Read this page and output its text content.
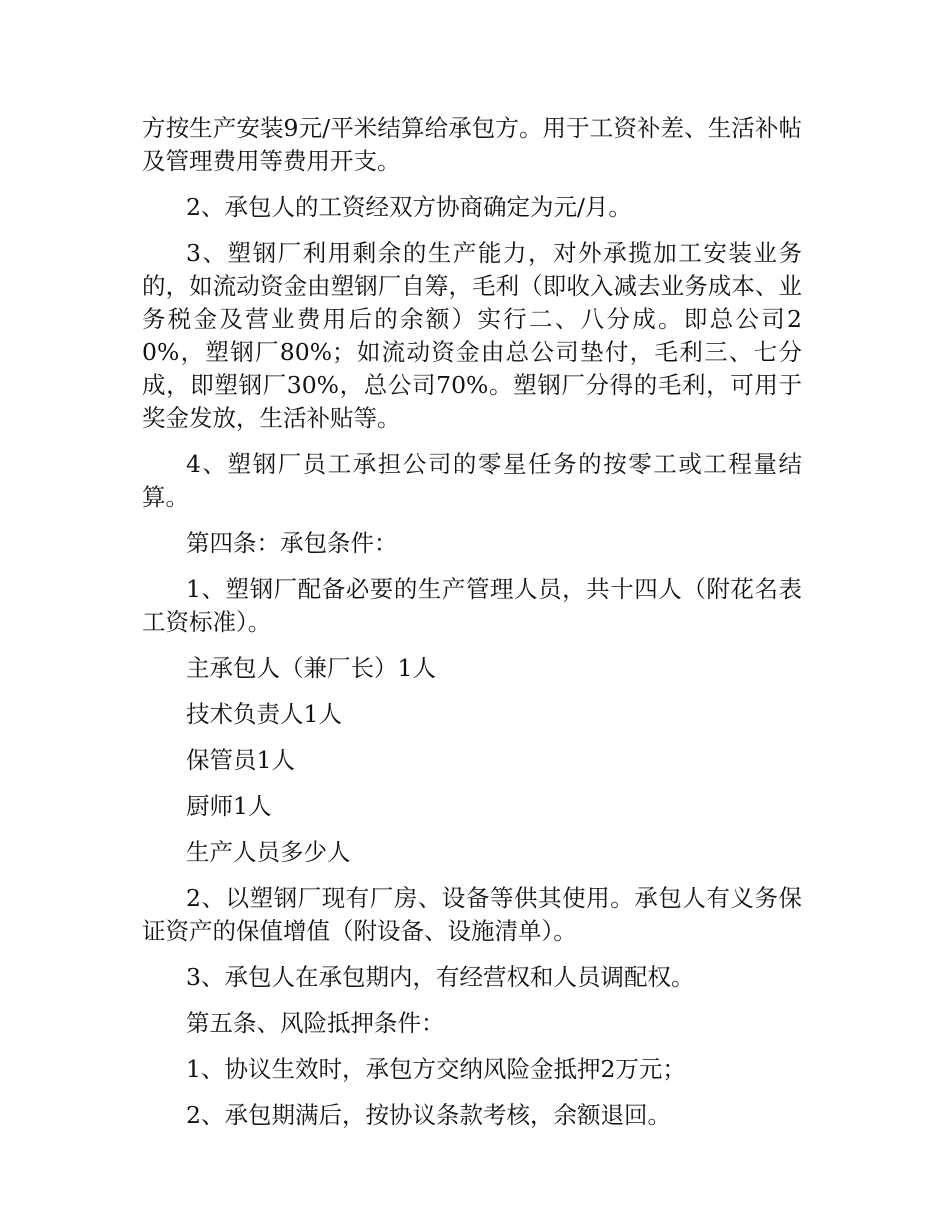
方按生产安装9元/平米结算给承包方。用于工资补差、生活补帖及管理费用等费用开支。

2、承包人的工资经双方协商确定为元/月。

3、塑钢厂利用剩余的生产能力，对外承揽加工安装业务的，如流动资金由塑钢厂自筹，毛利（即收入减去业务成本、业务税金及营业费用后的余额）实行二、八分成。即总公司20%，塑钢厂80%；如流动资金由总公司垫付，毛利三、七分成，即塑钢厂30%，总公司70%。塑钢厂分得的毛利，可用于奖金发放，生活补贴等。

4、塑钢厂员工承担公司的零星任务的按零工或工程量结算。

第四条：承包条件：

1、塑钢厂配备必要的生产管理人员，共十四人（附花名表工资标准）。

主承包人（兼厂长）1人

技术负责人1人

保管员1人

厨师1人

生产人员多少人

2、以塑钢厂现有厂房、设备等供其使用。承包人有义务保证资产的保值增值（附设备、设施清单）。

3、承包人在承包期内，有经营权和人员调配权。

第五条、风险抵押条件：

1、协议生效时，承包方交纳风险金抵押2万元；

2、承包期满后，按协议条款考核，余额退回。
